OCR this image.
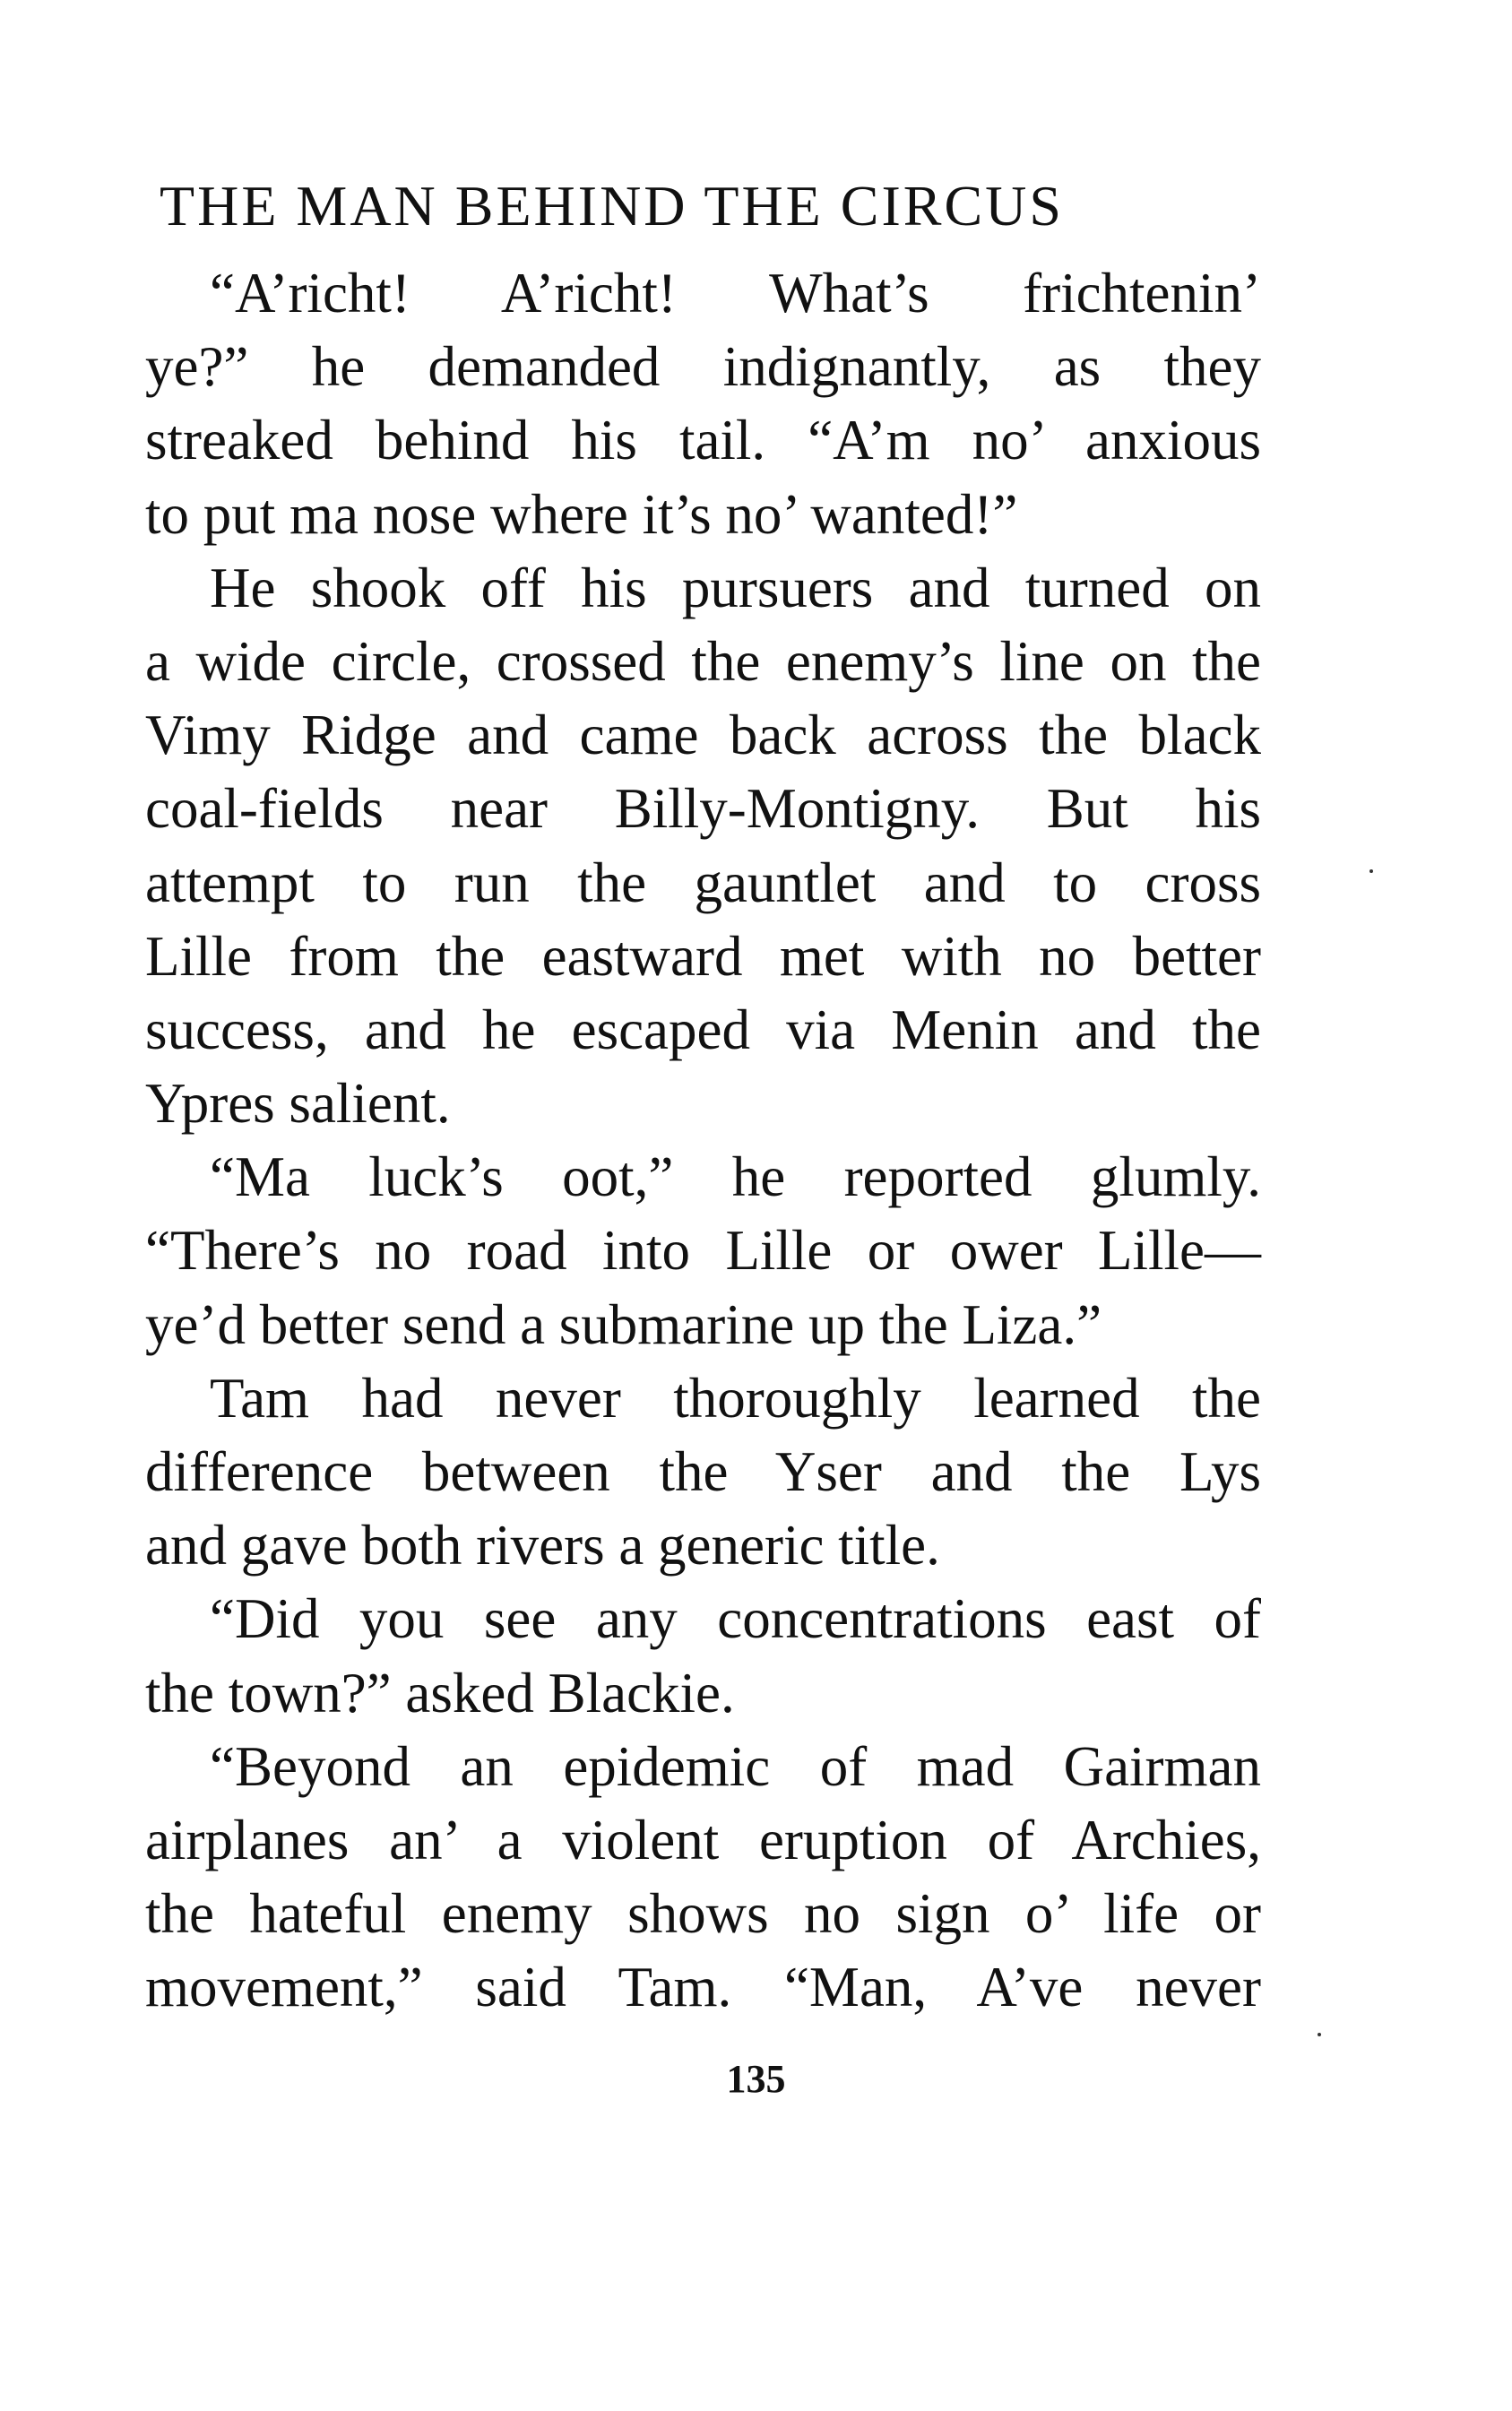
THE MAN BEHIND THE CIRCUS
“A’richt! A’richt! What’s frichtenin’
ye?” he demanded indignantly, as they
streaked behind his tail. “A’m no’ anxious
to put ma nose where it’s no’ wanted!”
He shook off his pursuers and turned on
a wide circle, crossed the enemy’s line on the
Vimy Ridge and came back across the black
coal-fields near Billy-Montigny. But his
attempt to run the gauntlet and to cross
Lille from the eastward met with no better
success, and he escaped via Menin and the
Ypres salient.
“Ma luck’s oot,” he reported glumly.
“There’s no road into Lille or ower Lille—
ye’d better send a submarine up the Liza.”
Tam had never thoroughly learned the
difference between the Yser and the Lys
and gave both rivers a generic title.
“Did you see any concentrations east of
the town?” asked Blackie.
“Beyond an epidemic of mad Gairman
airplanes an’ a violent eruption of Archies,
the hateful enemy shows no sign o’ life or
movement,” said Tam. “Man, A’ve never
135
